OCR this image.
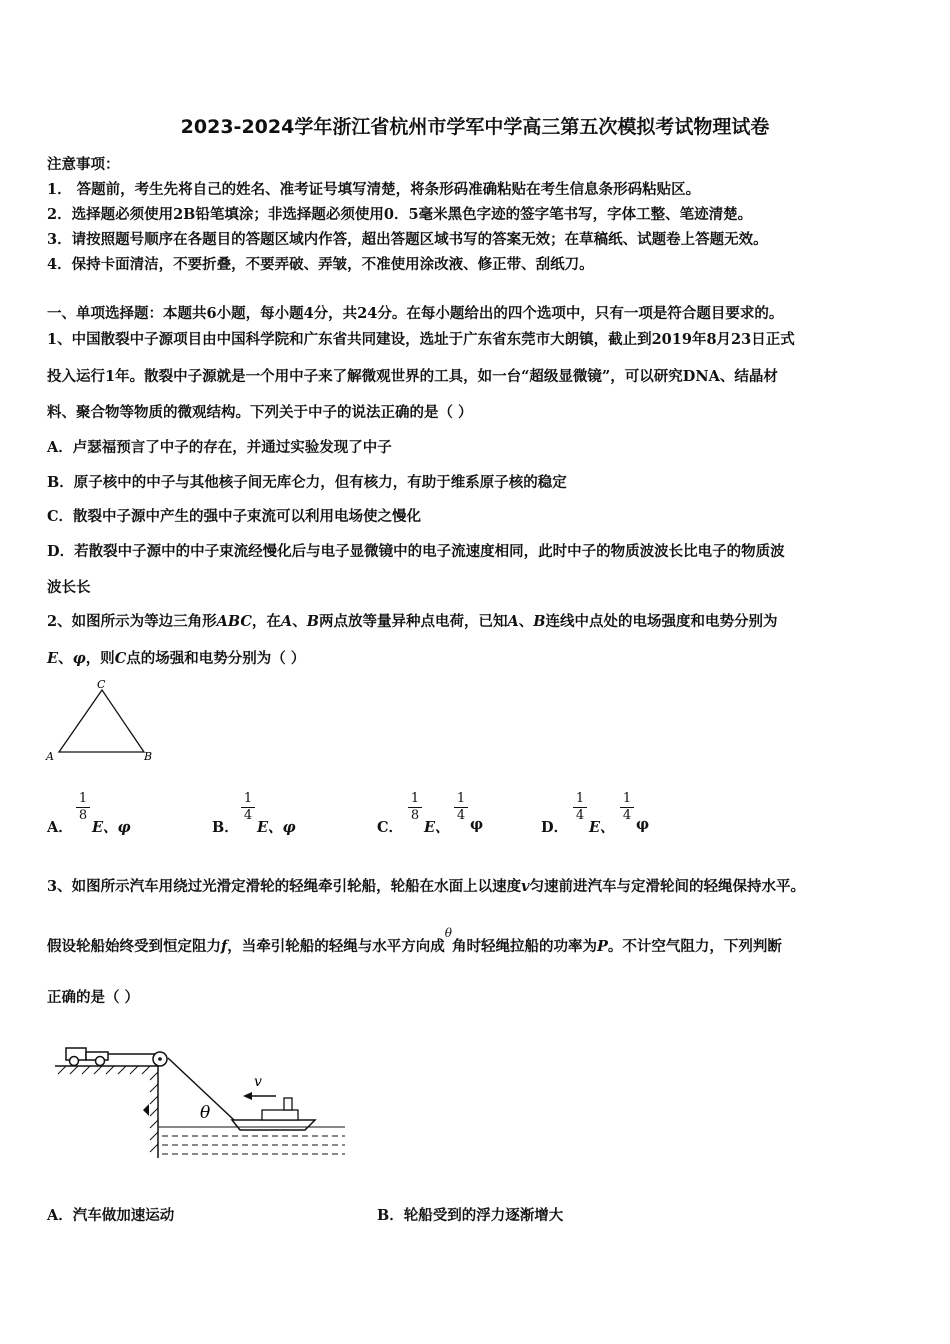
2023-2024学年浙江省杭州市学军中学高三第五次模拟考试物理试卷
注意事项：
1． 答题前，考生先将自己的姓名、准考证号填写清楚，将条形码准确粘贴在考生信息条形码粘贴区。
2．选择题必须使用2B铅笔填涂；非选择题必须使用0．5毫米黑色字迹的签字笔书写，字体工整、笔迹清楚。
3．请按照题号顺序在各题目的答题区域内作答，超出答题区域书写的答案无效；在草稿纸、试题卷上答题无效。
4．保持卡面清洁，不要折叠，不要弄破、弄皱，不准使用涂改液、修正带、刮纸刀。
一、单项选择题：本题共6小题，每小题4分，共24分。在每小题给出的四个选项中，只有一项是符合题目要求的。
1、中国散裂中子源项目由中国科学院和广东省共同建设，选址于广东省东莞市大朗镇，截止到2019年8月23日正式
投入运行1年。散裂中子源就是一个用中子来了解微观世界的工具，如一台“超级显微镜”，可以研究DNA、结晶材
料、聚合物等物质的微观结构。下列关于中子的说法正确的是（ ）
A．卢瑟福预言了中子的存在，并通过实验发现了中子
B．原子核中的中子与其他核子间无库仑力，但有核力，有助于维系原子核的稳定
C．散裂中子源中产生的强中子束流可以利用电场使之慢化
D．若散裂中子源中的中子束流经慢化后与电子显微镜中的电子流速度相同，此时中子的物质波波长比电子的物质波
波长长
2、如图所示为等边三角形ABC，在A、B两点放等量异种点电荷，已知A、B连线中点处的电场强度和电势分别为
E、φ，则C点的场强和电势分别为（ ）
C
A	B
A．
$\frac{1}{8}$
E、φ	B．
$\frac{1}{4}$
E、φ	C．
$\frac{1}{8}$
E、
$\frac{1}{4}$
φ	D．
$\frac{1}{4}$
E、
$\frac{1}{4}$
φ
3、如图所示汽车用绕过光滑定滑轮的轻绳牵引轮船，轮船在水面上以速度v匀速前进汽车与定滑轮间的轻绳保持水平。
假设轮船始终受到恒定阻力f，当牵引轮船的轻绳与水平方向成$^\theta$角时轻绳拉船的功率为P。不计空气阻力，下列判断
正确的是（ ）
v
θ
A．汽车做加速运动	B．轮船受到的浮力逐渐增大
